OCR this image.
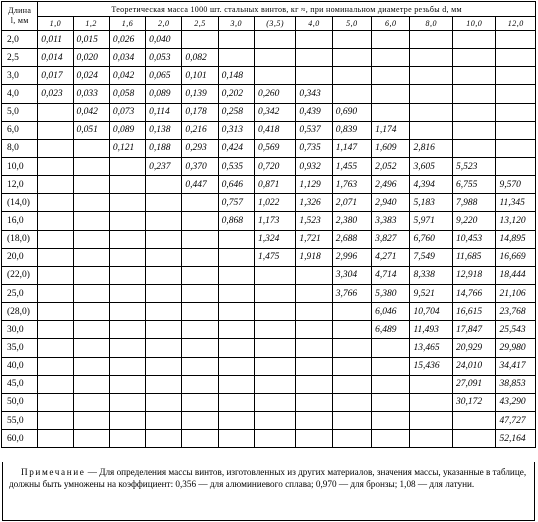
Длина
l, мм	Теоретическая масса 1000 шт. стальных винтов, кг ≈, при номинальном диаметре резьбы d, мм												
	1,0	1,2	1,6	2,0	2,5	3,0	(3,5)	4,0	5,0	6,0	8,0	10,0	12,0
2,0	0,011	0,015	0,026	0,040									
2,5	0,014	0,020	0,034	0,053	0,082								
3,0	0,017	0,024	0,042	0,065	0,101	0,148							
4,0	0,023	0,033	0,058	0,089	0,139	0,202	0,260	0,343					
5,0		0,042	0,073	0,114	0,178	0,258	0,342	0,439	0,690				
6,0		0,051	0,089	0,138	0,216	0,313	0,418	0,537	0,839	1,174			
8,0			0,121	0,188	0,293	0,424	0,569	0,735	1,147	1,609	2,816		
10,0				0,237	0,370	0,535	0,720	0,932	1,455	2,052	3,605	5,523	
12,0					0,447	0,646	0,871	1,129	1,763	2,496	4,394	6,755	9,570
(14,0)						0,757	1,022	1,326	2,071	2,940	5,183	7,988	11,345
16,0						0,868	1,173	1,523	2,380	3,383	5,971	9,220	13,120
(18,0)							1,324	1,721	2,688	3,827	6,760	10,453	14,895
20,0							1,475	1,918	2,996	4,271	7,549	11,685	16,669
(22,0)									3,304	4,714	8,338	12,918	18,444
25,0									3,766	5,380	9,521	14,766	21,106
(28,0)										6,046	10,704	16,615	23,768
30,0										6,489	11,493	17,847	25,543
35,0											13,465	20,929	29,980
40,0											15,436	24,010	34,417
45,0												27,091	38,853
50,0												30,172	43,290
55,0													47,727
60,0													52,164
Примечание — Для определения массы винтов, изготовленных из других материалов, значения массы, указанные в таблице, должны быть умножены на коэффициент: 0,356 — для алюминиевого сплава; 0,970 — для бронзы; 1,08 — для латуни.
